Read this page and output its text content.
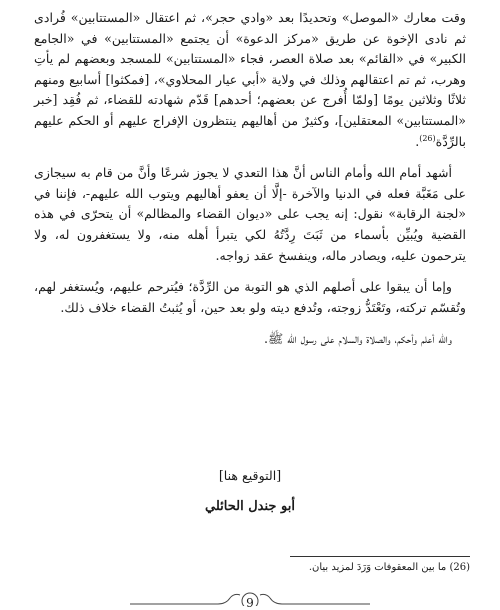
وقت معارك «الموصل» وتحديدًا بعد «وادي حجر»، ثم اعتقال «المستتابين» فُرادى ثم نادى الإخوة عن طريق «مركز الدعوة» أن يجتمع «المستتابين» في «الجامع الكبير» في «القائم» بعد صلاة العصر، فجاء «المستتابين» للمسجد وبعضهم لم يأتِ وهرب، ثم تم اعتقالهم وذلك في ولاية «أبي عيار المحلاوي»، [فمكثوا] أسابيع ومنهم ثلاثًا وثلاثين يومًا [ولمّا أُفرج عن بعضهم؛ أحدهم] قَدّم شهادته للقضاء، ثم فُقِد [خبر «المستتابين» المعتقلين]، وكثيرٌ من أهاليهم ينتظرون الإفراج عليهم أو الحكم عليهم بالرِّدَّة$^{(26)}$.

أشهد أمام الله وأمام الناس أنَّ هذا التعدي لا يجوز شرعًا وأنَّ من قام به سيجازى على مَغَبَّة فعله في الدنيا والآخرة -إلَّا أن يعفو أهاليهم ويتوب الله عليهم-، فإننا في «لجنة الرقابة» نقول: إنه يجب على «ديوان القضاء والمظالم» أن يتحرّى في هذه القضية ويُبيِّن بأسماء من ثَبَتَ رِدَّتُهُ لكي يتبرأ أهله منه، ولا يستغفرون له، ولا يترحمون عليه، ويصادر ماله، وينفسخ عقد زواجه.

وإما أن يبقوا على أصلهم الذي هو التوبة من الرِّدَّة؛ فيُترحم عليهم، ويُستغفر لهم، وتُقسّم تركته، وتَعْتَدُّ زوجته، وتُدفع ديته ولو بعد حين، أو يُثبتُ القضاء خلاف ذلك.

والله أعلم وأحكم، والصلاة والسلام على رسول الله ﷺ.

[التوقيع هنا]
أبو جندل الحائلي
(26) ما بين المعقوفات وَرَدَ لمزيد بيان.
9
